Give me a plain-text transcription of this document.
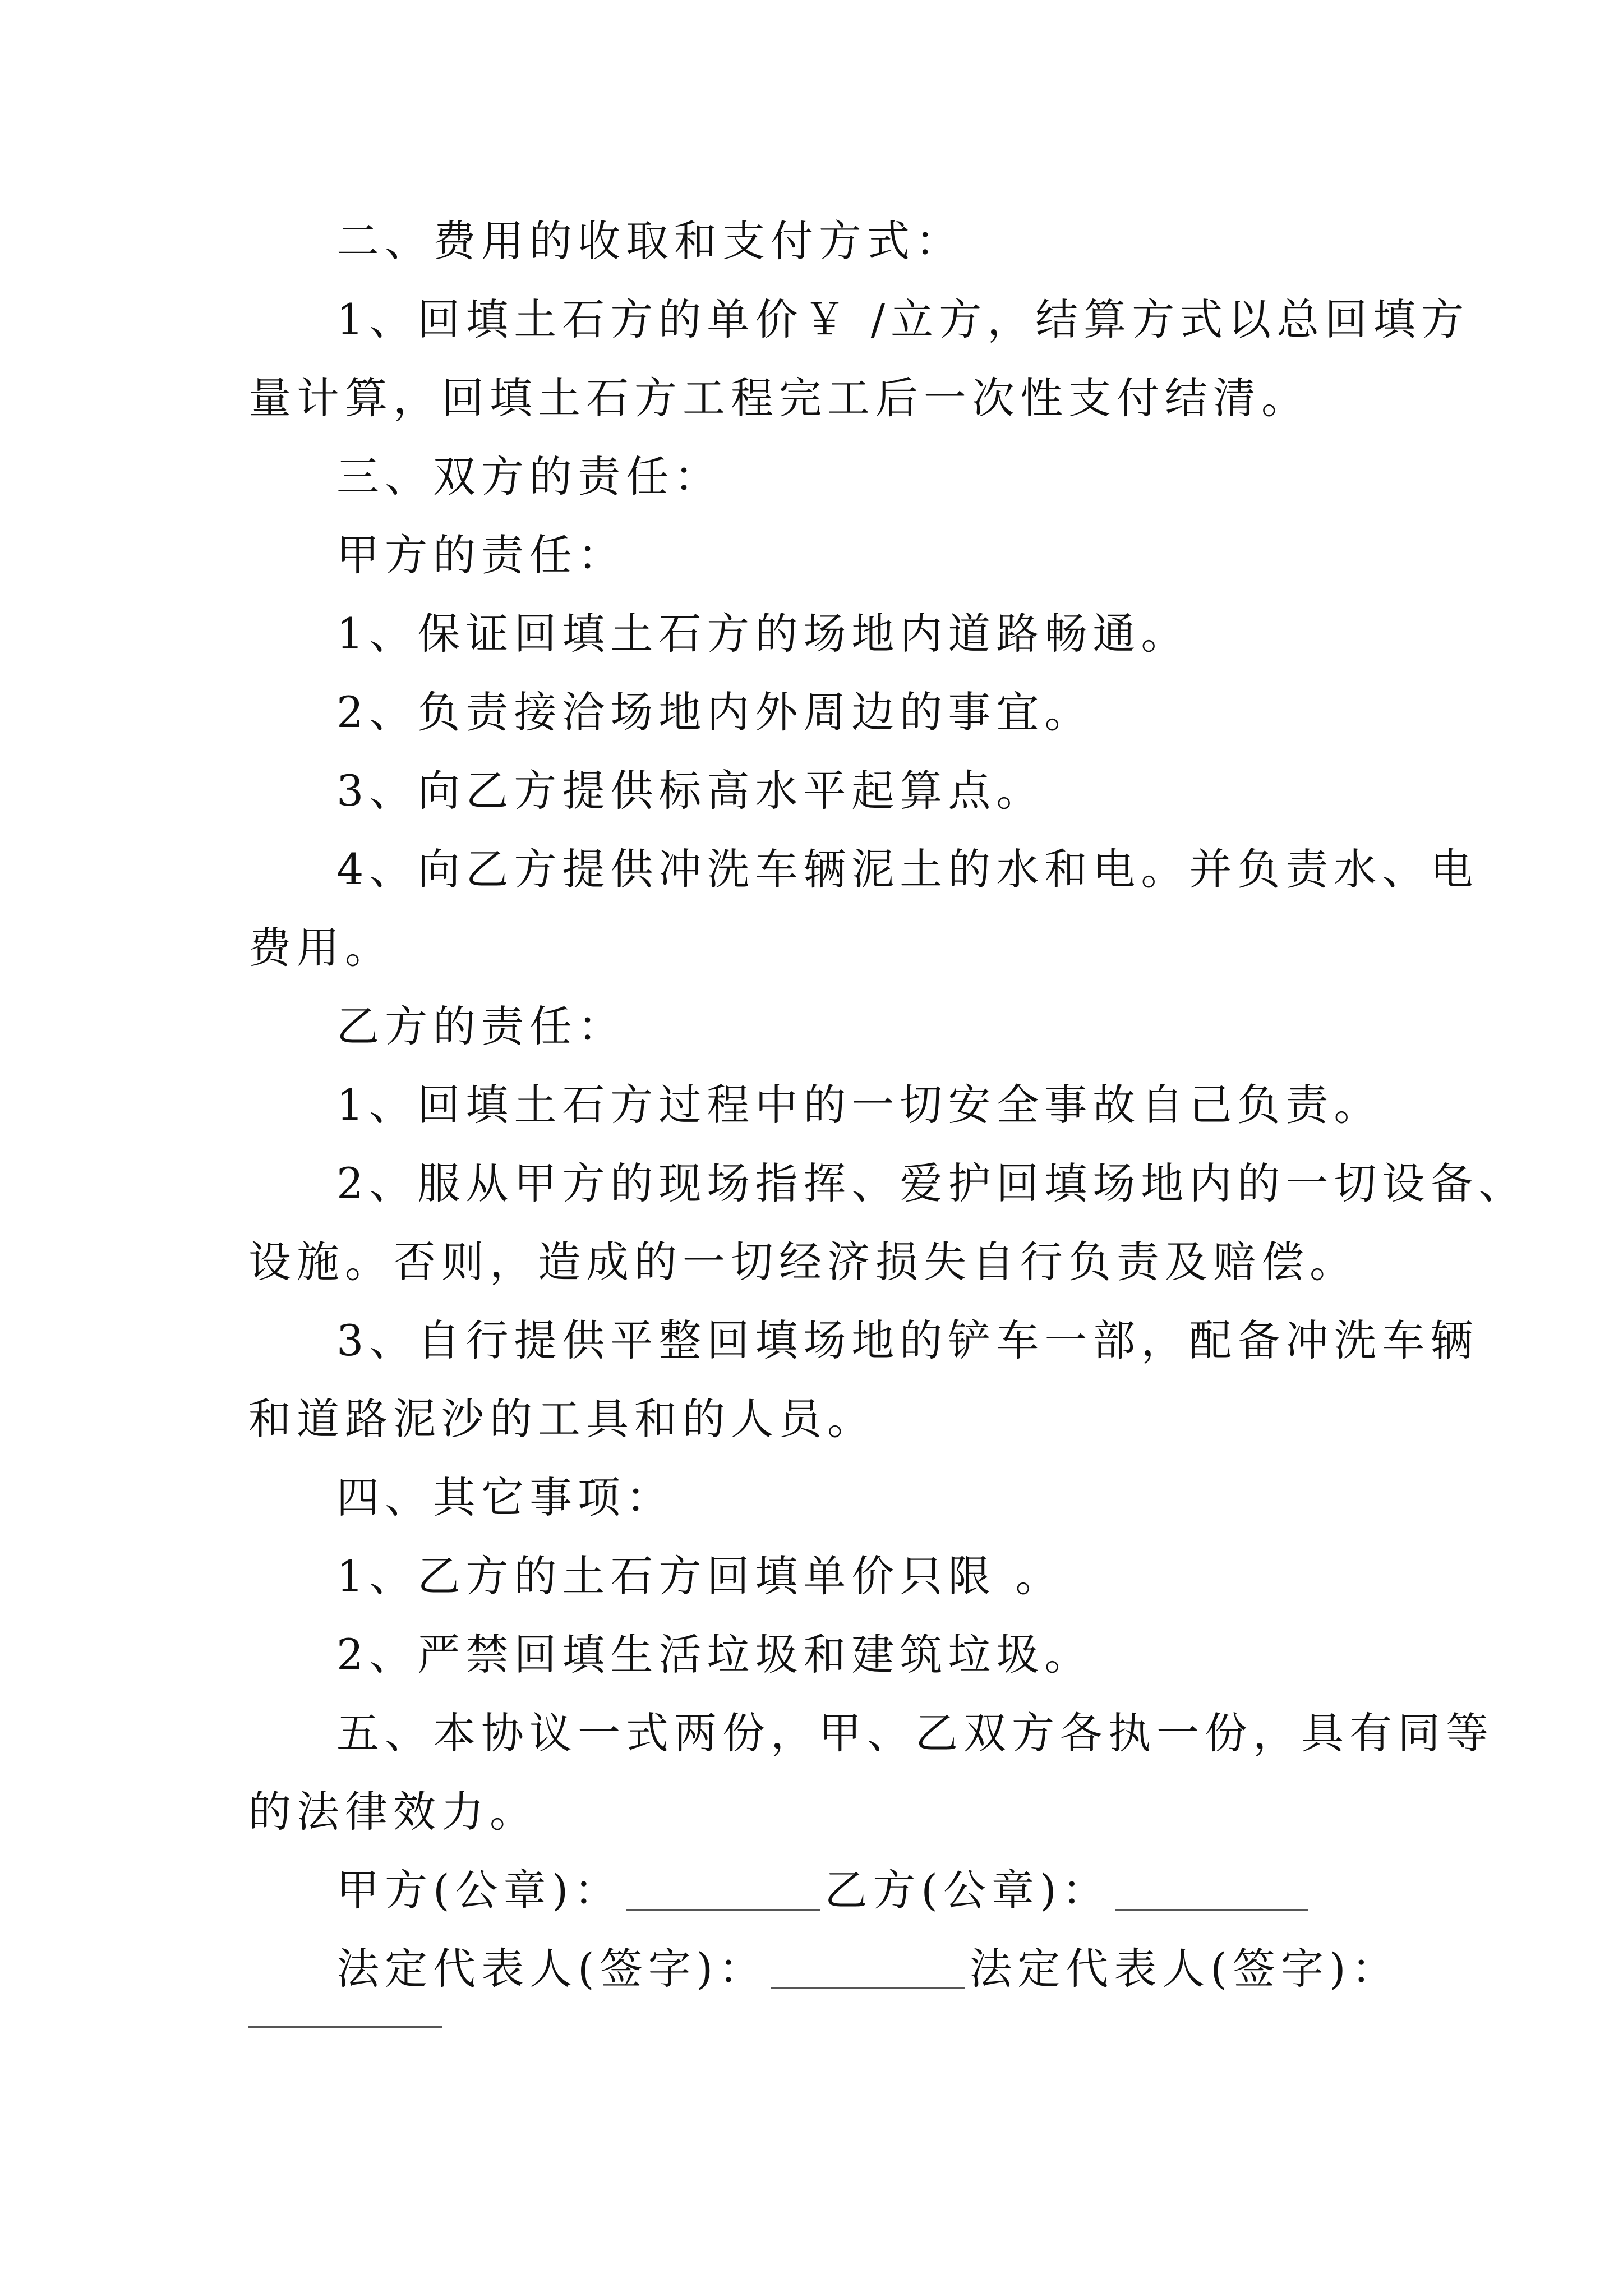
二、费用的收取和支付方式：
1、回填土石方的单价￥ /立方，结算方式以总回填方
量计算，回填土石方工程完工后一次性支付结清。
三、双方的责任：
甲方的责任：
1、保证回填土石方的场地内道路畅通。
2、负责接洽场地内外周边的事宜。
3、向乙方提供标高水平起算点。
4、向乙方提供冲洗车辆泥土的水和电。并负责水、电
费用。
乙方的责任：
1、回填土石方过程中的一切安全事故自己负责。
2、服从甲方的现场指挥、爱护回填场地内的一切设备、
设施。否则，造成的一切经济损失自行负责及赔偿。
3、自行提供平整回填场地的铲车一部，配备冲洗车辆
和道路泥沙的工具和的人员。
四、其它事项：
1、乙方的土石方回填单价只限 。
2、严禁回填生活垃圾和建筑垃圾。
五、本协议一式两份，甲、乙双方各执一份，具有同等
的法律效力。
甲方(公章)：	乙方(公章)：
法定代表人(签字)：	法定代表人(签字)：
